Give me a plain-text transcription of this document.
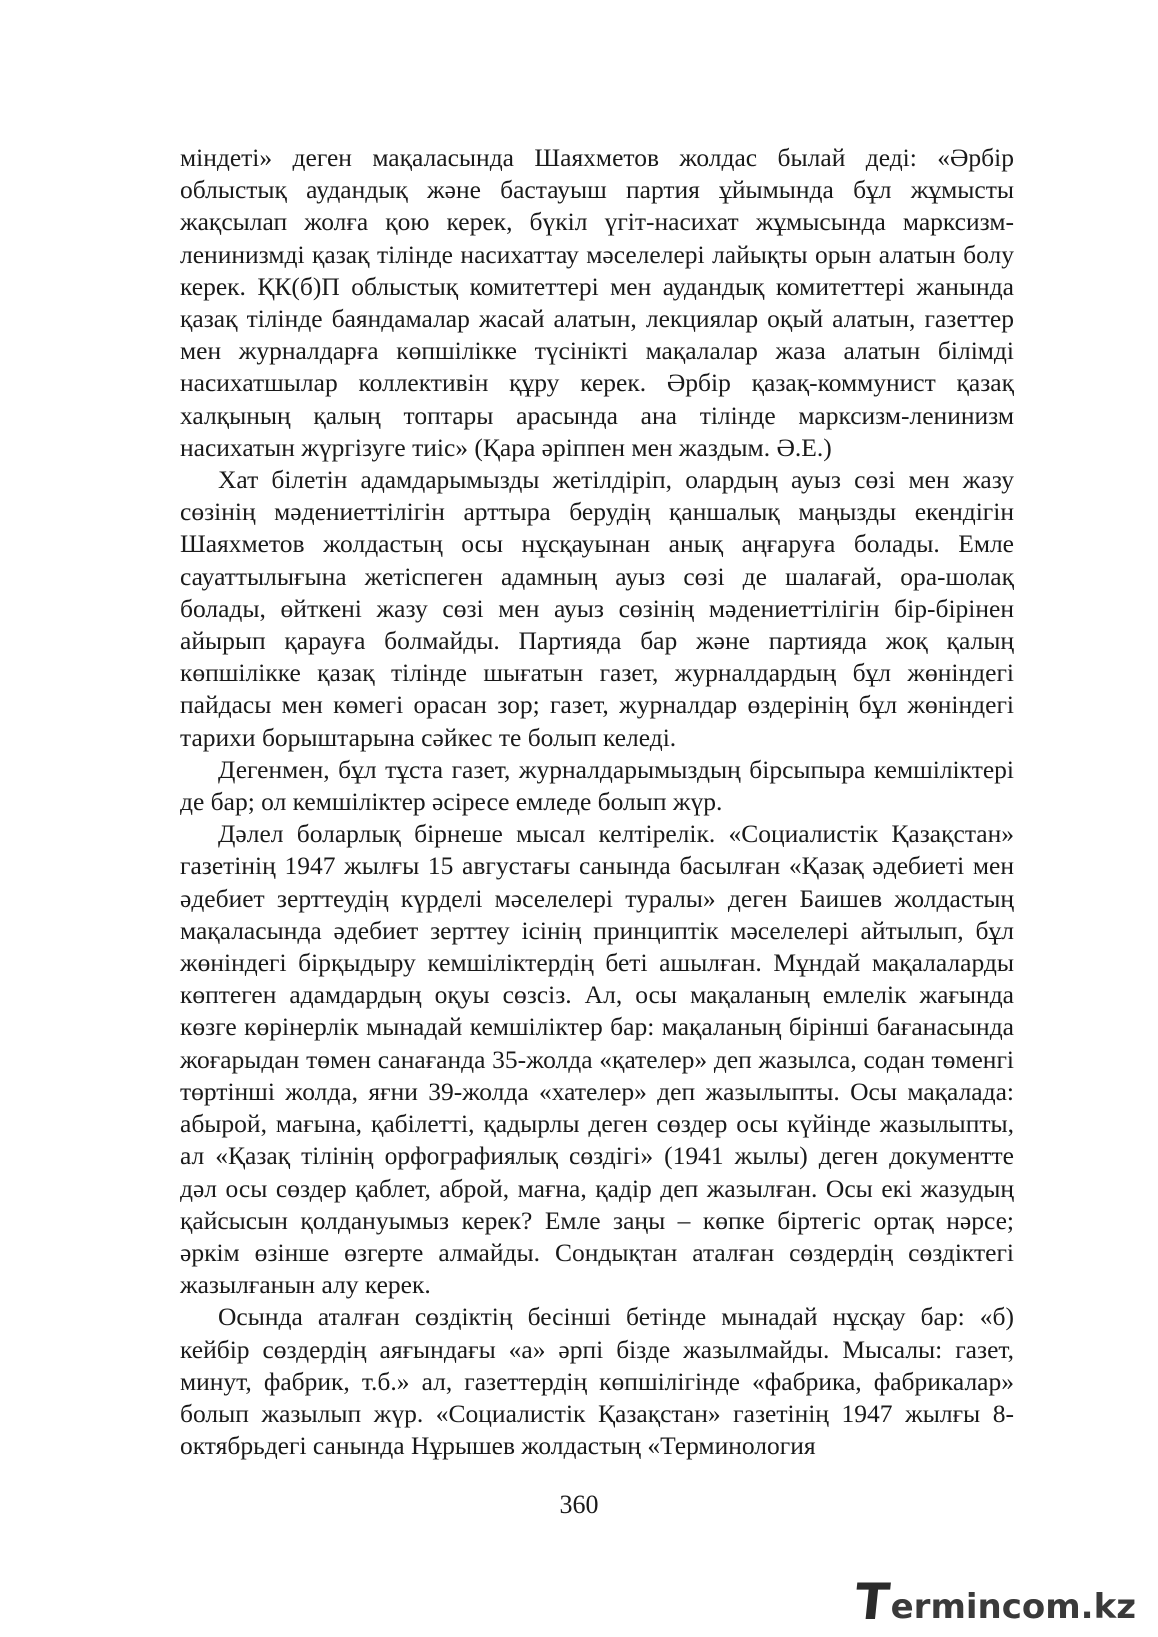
міндеті» деген мақаласында Шаяхметов жолдас былай деді: «Әрбір облыстық аудандық және бастауыш партия ұйымында бұл жұмысты жақсылап жолға қою керек, бүкіл үгіт-насихат жұмысында марксизм-ленинизмді қазақ тілінде насихаттау мәселелері лайықты орын алатын болу керек. ҚК(б)П облыстық комитеттері мен аудандық комитеттері жанында қазақ тілінде баяндамалар жасай алатын, лекциялар оқый алатын, газеттер мен журналдарға көпшілікке түсінікті мақалалар жаза алатын білімді насихатшылар коллективін құру керек. Әрбір қазақ-коммунист қазақ халқының қалың топтары арасында ана тілінде марксизм-ленинизм насихатын жүргізуге тиіс» (Қара әріппен мен жаздым. Ә.Е.)

Хат білетін адамдарымызды жетілдіріп, олардың ауыз сөзі мен жазу сөзінің мәдениеттілігін арттыра берудің қаншалық маңызды екендігін Шаяхметов жолдастың осы нұсқауынан анық аңғаруға болады. Емле сауаттылығына жетіспеген адамның ауыз сөзі де шалағай, ора-шолақ болады, өйткені жазу сөзі мен ауыз сөзінің мәдениеттілігін бір-бірінен айырып қарауға болмайды. Партияда бар және партияда жоқ қалың көпшілікке қазақ тілінде шығатын газет, журналдардың бұл жөніндегі пайдасы мен көмегі орасан зор; газет, журналдар өздерінің бұл жөніндегі тарихи борыштарына сәйкес те болып келеді.

Дегенмен, бұл тұста газет, журналдарымыздың бірсыпыра кемшіліктері де бар; ол кемшіліктер әсіресе емледе болып жүр.

Дәлел боларлық бірнеше мысал келтірелік. «Социалистік Қазақстан» газетінің 1947 жылғы 15 августағы санында басылған «Қазақ әдебиеті мен әдебиет зерттеудің күрделі мәселелері туралы» деген Баишев жолдастың мақаласында әдебиет зерттеу ісінің принциптік мәселелері айтылып, бұл жөніндегі бірқыдыру кемшіліктердің беті ашылған. Мұндай мақалаларды көптеген адамдардың оқуы сөзсіз. Ал, осы мақаланың емлелік жағында көзге көрінерлік мынадай кемшіліктер бар: мақаланың бірінші бағанасында жоғарыдан төмен санағанда 35-жолда «қателер» деп жазылса, содан төменгі төртінші жолда, яғни 39-жолда «хателер» деп жазылыпты. Осы мақалада: абырой, мағына, қабілетті, қадырлы деген сөздер осы күйінде жазылыпты, ал «Қазақ тілінің орфографиялық сөздігі» (1941 жылы) деген документте дәл осы сөздер қаблет, аброй, мағна, қадір деп жазылған. Осы екі жазудың қайсысын қолдануымыз керек? Емле заңы – көпке біртегіс ортақ нәрсе; әркім өзінше өзгерте алмайды. Сондықтан аталған сөздердің сөздіктегі жазылғанын алу керек.

Осында аталған сөздіктің бесінші бетінде мынадай нұсқау бар: «б) кейбір сөздердің аяғындағы «а» әрпі бізде жазылмайды. Мысалы: газет, минут, фабрик, т.б.» ал, газеттердің көпшілігінде «фабрика, фабрикалар» болып жазылып жүр. «Социалистік Қазақстан» газетінің 1947 жылғы 8-октябрьдегі санында Нұрышев жолдастың «Терминология

360
T
ermincom.kz
